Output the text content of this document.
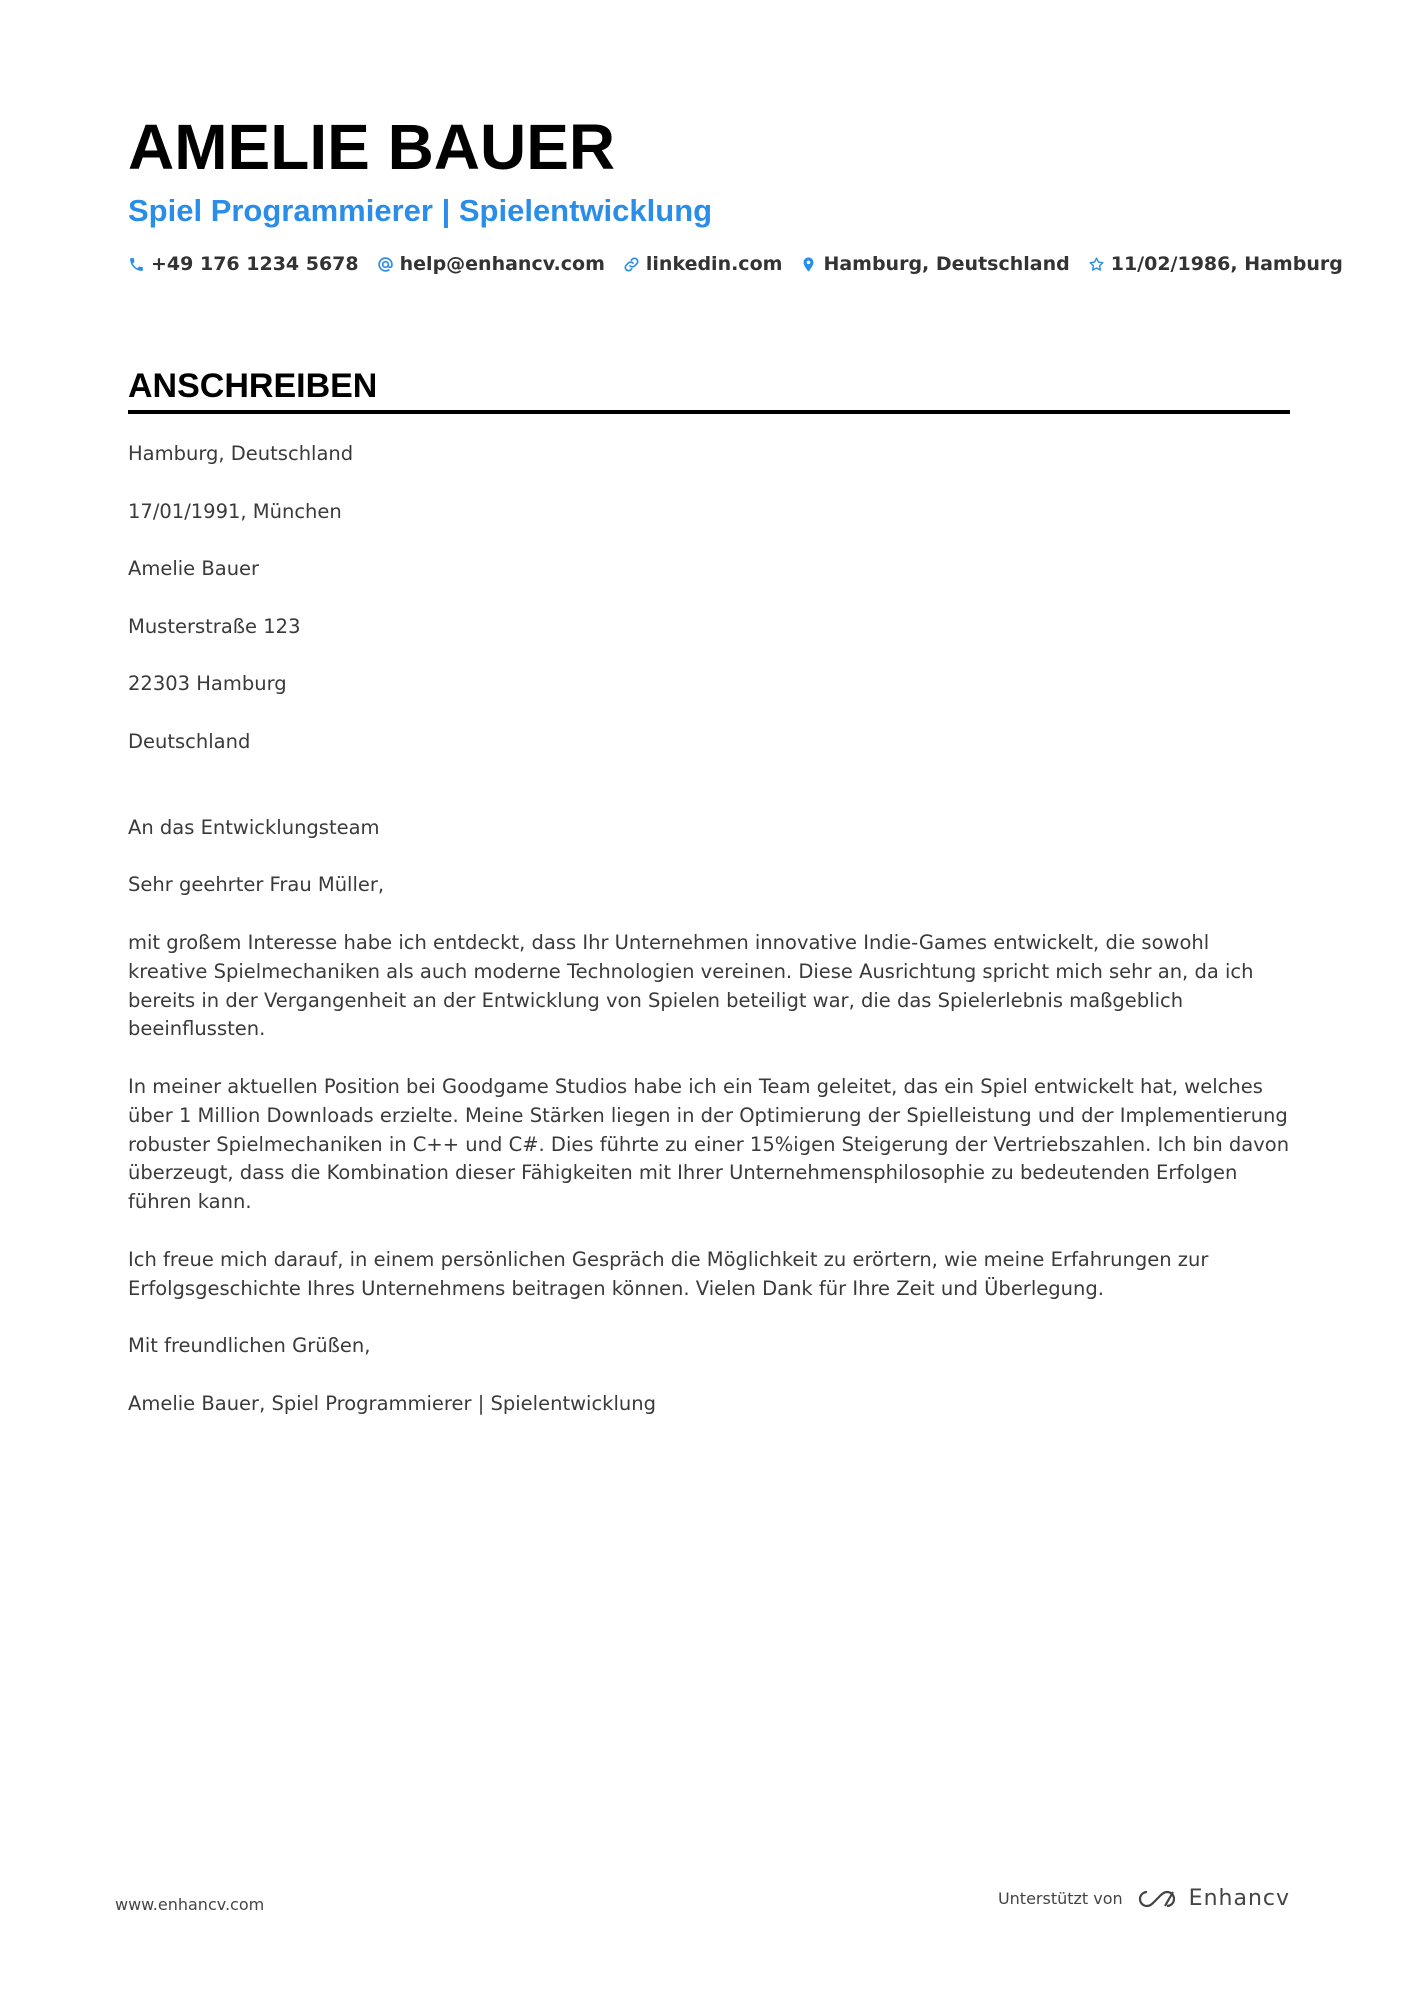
AMELIE BAUER
Spiel Programmierer | Spielentwicklung
+49 176 1234 5678 help@enhancv.com linkedin.com Hamburg, Deutschland 11/02/1986, Hamburg
ANSCHREIBEN

Hamburg, Deutschland

17/01/1991, München

Amelie Bauer

Musterstraße 123

22303 Hamburg

Deutschland

An das Entwicklungsteam

Sehr geehrter Frau Müller,

mit großem Interesse habe ich entdeckt, dass Ihr Unternehmen innovative Indie-Games entwickelt, die sowohl kreative Spielmechaniken als auch moderne Technologien vereinen. Diese Ausrichtung spricht mich sehr an, da ich bereits in der Vergangenheit an der Entwicklung von Spielen beteiligt war, die das Spielerlebnis maßgeblich beeinflussten.

In meiner aktuellen Position bei Goodgame Studios habe ich ein Team geleitet, das ein Spiel entwickelt hat, welches über 1 Million Downloads erzielte. Meine Stärken liegen in der Optimierung der Spielleistung und der Implementierung robuster Spielmechaniken in C++ und C#. Dies führte zu einer 15%igen Steigerung der Vertriebszahlen. Ich bin davon überzeugt, dass die Kombination dieser Fähigkeiten mit Ihrer Unternehmensphilosophie zu bedeutenden Erfolgen führen kann.

Ich freue mich darauf, in einem persönlichen Gespräch die Möglichkeit zu erörtern, wie meine Erfahrungen zur Erfolgsgeschichte Ihres Unternehmens beitragen können. Vielen Dank für Ihre Zeit und Überlegung.

Mit freundlichen Grüßen,

Amelie Bauer, Spiel Programmierer | Spielentwicklung

www.enhancv.com	Unterstützt von	Enhancv
